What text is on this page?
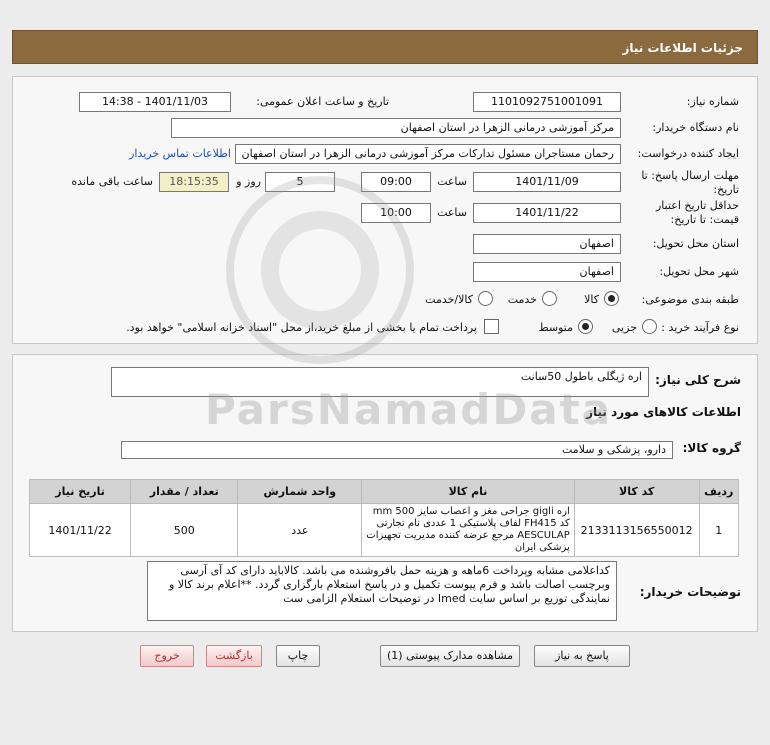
جزئیات اطلاعات نیاز
شماره نیاز:
1101092751001091
تاریخ و ساعت اعلان عمومی:
1401/11/03 - 14:38
نام دستگاه خریدار:
مرکز آموزشی درمانی الزهرا در استان اصفهان
ایجاد کننده درخواست:
رحمان مستاجران مسئول تدارکات مرکز آموزشی درمانی الزهرا در استان اصفهان
اطلاعات تماس خریدار
مهلت ارسال پاسخ: تا تاریخ:
1401/11/09
ساعت
09:00
5
روز و
18:15:35
ساعت باقی مانده
حداقل تاریخ اعتبار قیمت: تا تاریخ:
1401/11/22
ساعت
10:00
استان محل تحویل:
اصفهان
شهر محل تحویل:
اصفهان
طبقه بندی موضوعی:
کالا
خدمت
کالا/خدمت
نوع فرآیند خرید :
جزیی
متوسط
پرداخت تمام یا بخشی از مبلغ خرید،از محل "اسناد خزانه اسلامی" خواهد بود.
شرح کلی نیاز:
اره ژیگلی باطول 50سانت
اطلاعات کالاهای مورد نیاز
گروه کالا:
دارو، پزشکی و سلامت
ردیف	کد کالا	نام کالا	واحد شمارش	تعداد / مقدار	تاریخ نیاز
1	2133113156550012	اره gigli جراحی مغز و اعصاب سایز 500 mm کد FH415 لفاف پلاستیکی 1 عددی نام تجارتی AESCULAP مرجع عرضه کننده مدیریت تجهیزات پزشکی ایران	عدد	500	1401/11/22
توضیحات خریدار:
کداعلامی مشابه وپرداخت 6ماهه و هزینه حمل بافروشنده می باشد. کالاباید دارای کد آی آرسی وبرچسب اصالت باشد و فرم پیوست تکمیل و در پاسخ استعلام بارگزاری گردد. **اعلام برند کالا و نمایندگی توزیع بر اساس سایت Imed در توضیحات استعلام الزامی ست
پاسخ به نیاز
مشاهده مدارک پیوستی (1)
چاپ
بازگشت
خروج
ParsNamadData
